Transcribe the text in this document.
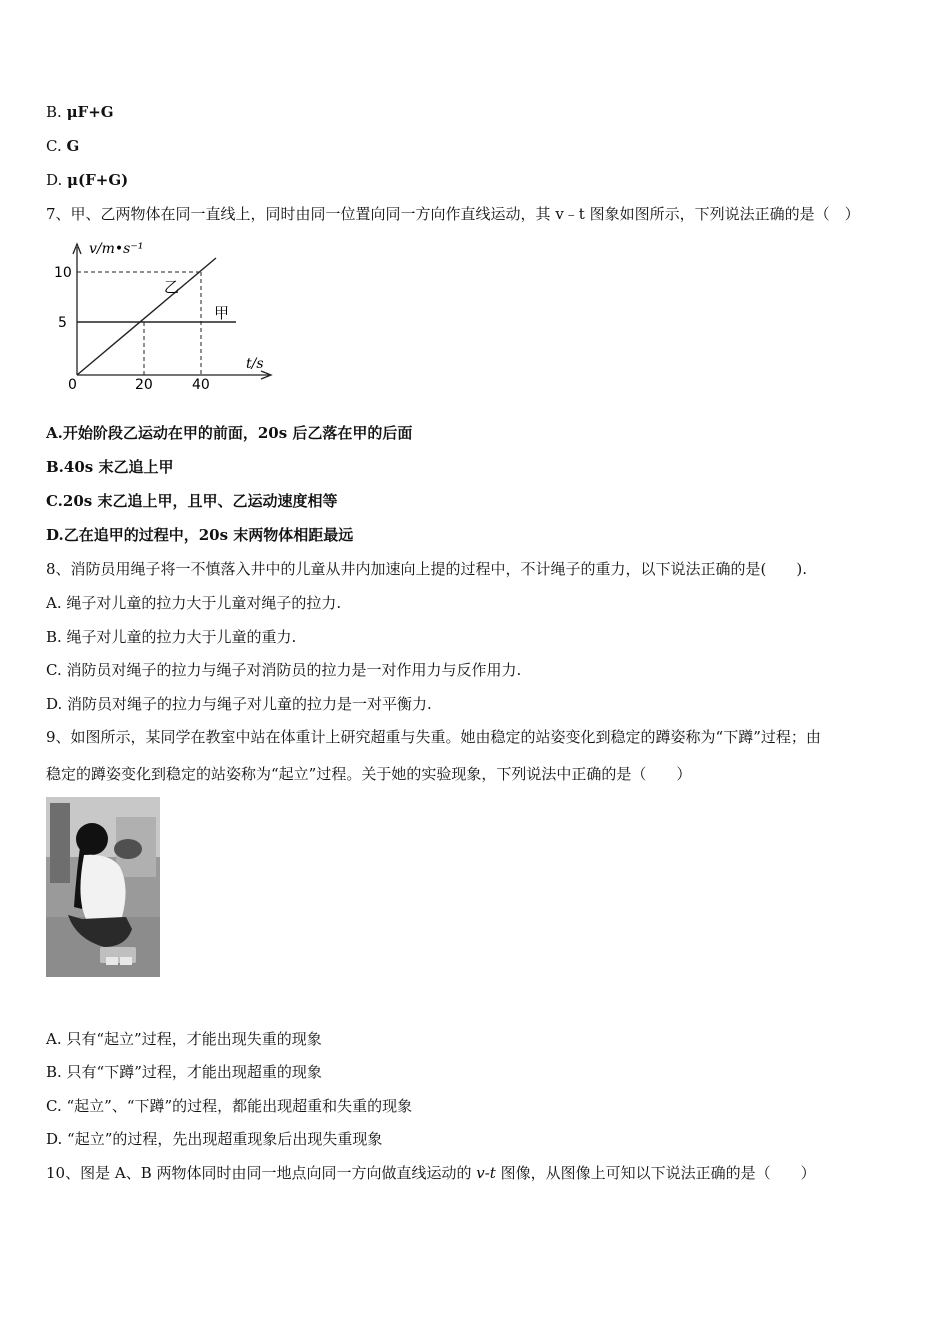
B. μF+G
C. G
D. μ(F+G)
7、甲、乙两物体在同一直线上，同时由同一位置向同一方向作直线运动，其 v﹣t 图象如图所示，下列说法正确的是（　）
v/m•s⁻¹
t/s
0
10
5
20	40
乙
甲
A.开始阶段乙运动在甲的前面，20s 后乙落在甲的后面
B.40s 末乙追上甲
C.20s 末乙追上甲，且甲、乙运动速度相等
D.乙在追甲的过程中，20s 末两物体相距最远
8、消防员用绳子将一不慎落入井中的儿童从井内加速向上提的过程中，不计绳子的重力，以下说法正确的是(　　).
A. 绳子对儿童的拉力大于儿童对绳子的拉力.
B. 绳子对儿童的拉力大于儿童的重力.
C. 消防员对绳子的拉力与绳子对消防员的拉力是一对作用力与反作用力.
D. 消防员对绳子的拉力与绳子对儿童的拉力是一对平衡力.
9、如图所示，某同学在教室中站在体重计上研究超重与失重。她由稳定的站姿变化到稳定的蹲姿称为“下蹲”过程；由
稳定的蹲姿变化到稳定的站姿称为“起立”过程。关于她的实验现象，下列说法中正确的是（　　）
A. 只有“起立”过程，才能出现失重的现象
B. 只有“下蹲”过程，才能出现超重的现象
C. “起立”、“下蹲”的过程，都能出现超重和失重的现象
D. “起立”的过程，先出现超重现象后出现失重现象
10、图是 A、B 两物体同时由同一地点向同一方向做直线运动的 v-t 图像，从图像上可知以下说法正确的是（　　）
